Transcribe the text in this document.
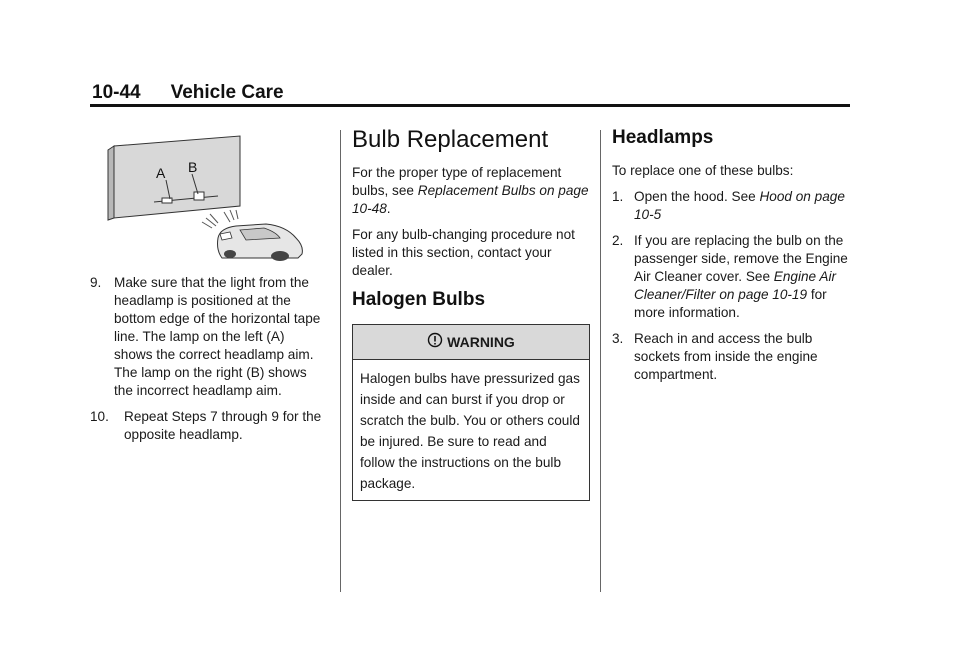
10-44 Vehicle Care
A B
9. Make sure that the light from the headlamp is positioned at the bottom edge of the horizontal tape line. The lamp on the left (A) shows the correct headlamp aim. The lamp on the right (B) shows the incorrect headlamp aim.
10.	Repeat Steps 7 through 9 for the opposite headlamp.
Bulb Replacement

For the proper type of replacement bulbs, see Replacement Bulbs on page 10-48.

For any bulb-changing procedure not listed in this section, contact your dealer.

Halogen Bulbs
WARNING
Halogen bulbs have pressurized gas inside and can burst if you drop or scratch the bulb. You or others could be injured. Be sure to read and follow the instructions on the bulb package.
Headlamps

To replace one of these bulbs:

1. Open the hood. See Hood on page 10-5
2. If you are replacing the bulb on the passenger side, remove the Engine Air Cleaner cover. See Engine Air Cleaner/Filter on page 10-19 for more information.
3. Reach in and access the bulb sockets from inside the engine compartment.
